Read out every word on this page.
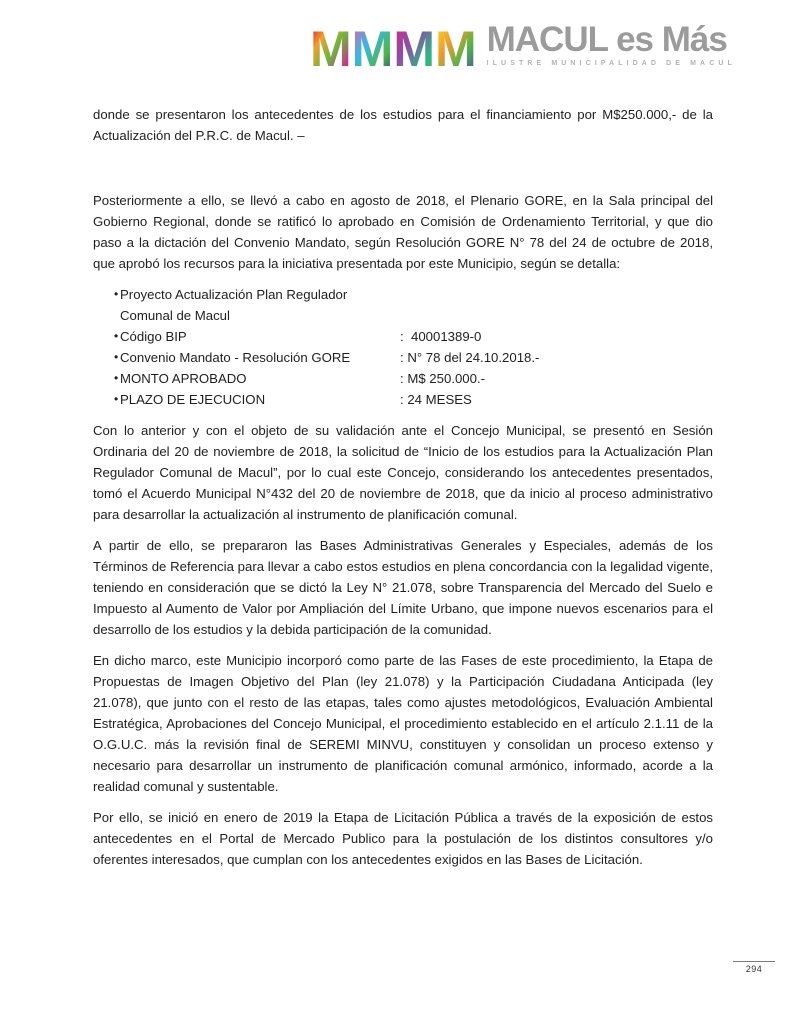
M M M M MACUL es Más
ILUSTRE MUNICIPALIDAD DE MACUL

donde se presentaron los antecedentes de los estudios para el financiamiento por M$250.000,- de la Actualización del P.R.C. de Macul. –

Posteriormente a ello, se llevó a cabo en agosto de 2018, el Plenario GORE, en la Sala principal del Gobierno Regional, donde se ratificó lo aprobado en Comisión de Ordenamiento Territorial, y que dio paso a la dictación del Convenio Mandato, según Resolución GORE N° 78 del 24 de octubre de 2018, que aprobó los recursos para la iniciativa presentada por este Municipio, según se detalla:

• Proyecto Actualización Plan Regulador Comunal de Macul
• Código BIP	:  40001389-0
• Convenio Mandato - Resolución GORE	: N° 78 del 24.10.2018.-
• MONTO APROBADO	: M$ 250.000.-
• PLAZO DE EJECUCION	: 24 MESES

Con lo anterior y con el objeto de su validación ante el Concejo Municipal, se presentó en Sesión Ordinaria del 20 de noviembre de 2018, la solicitud de “Inicio de los estudios para la Actualización Plan Regulador Comunal de Macul”, por lo cual este Concejo, considerando los antecedentes presentados, tomó el Acuerdo Municipal N°432 del 20 de noviembre de 2018, que da inicio al proceso administrativo para desarrollar la actualización al instrumento de planificación comunal.

A partir de ello, se prepararon las Bases Administrativas Generales y Especiales, además de los Términos de Referencia para llevar a cabo estos estudios en plena concordancia con la legalidad vigente, teniendo en consideración que se dictó la Ley N° 21.078, sobre Transparencia del Mercado del Suelo e Impuesto al Aumento de Valor por Ampliación del Límite Urbano, que impone nuevos escenarios para el desarrollo de los estudios y la debida participación de la comunidad.

En dicho marco, este Municipio incorporó como parte de las Fases de este procedimiento, la Etapa de Propuestas de Imagen Objetivo del Plan (ley 21.078) y la Participación Ciudadana Anticipada (ley 21.078), que junto con el resto de las etapas, tales como ajustes metodológicos, Evaluación Ambiental Estratégica, Aprobaciones del Concejo Municipal, el procedimiento establecido en el artículo 2.1.11 de la O.G.U.C. más la revisión final de SEREMI MINVU, constituyen y consolidan un proceso extenso y necesario para desarrollar un instrumento de planificación comunal armónico, informado, acorde a la realidad comunal y sustentable.

Por ello, se inició en enero de 2019 la Etapa de Licitación Pública a través de la exposición de estos antecedentes en el Portal de Mercado Publico para la postulación de los distintos consultores y/o oferentes interesados, que cumplan con los antecedentes exigidos en las Bases de Licitación.

294
